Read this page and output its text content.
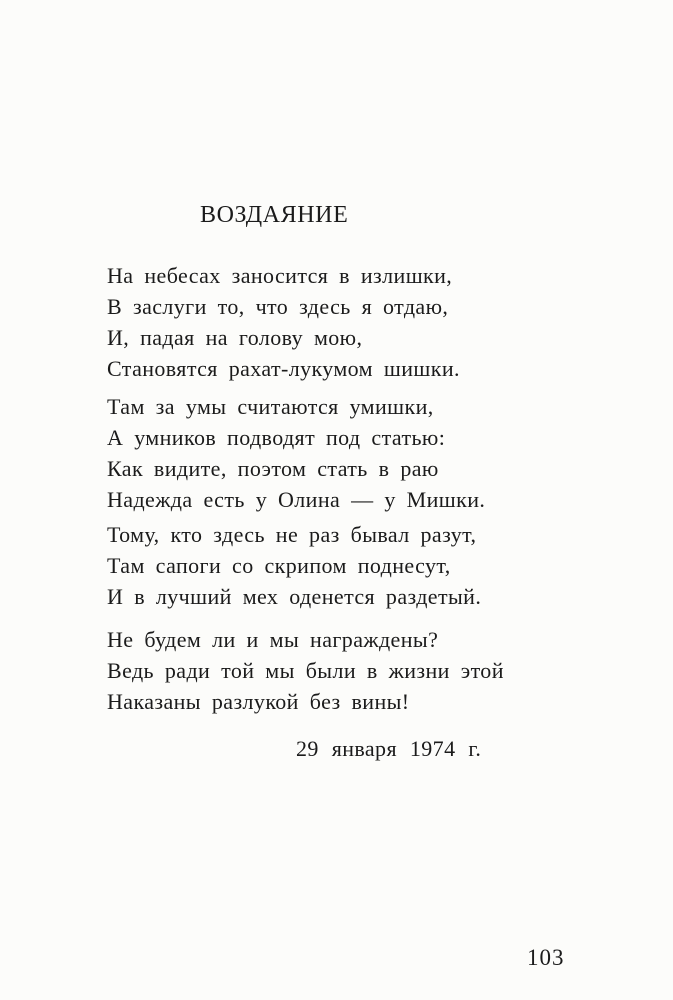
ВОЗДАЯНИЕ
На небесах заносится в излишки,
В заслуги то, что здесь я отдаю,
И, падая на голову мою,
Становятся рахат-лукумом шишки.
Там за умы считаются умишки,
А умников подводят под статью:
Как видите, поэтом стать в раю
Надежда есть у Олина — у Мишки.
Тому, кто здесь не раз бывал разут,
Там сапоги со скрипом поднесут,
И в лучший мех оденется раздетый.
Не будем ли и мы награждены?
Ведь ради той мы были в жизни этой
Наказаны разлукой без вины!
29 января 1974 г.
103
